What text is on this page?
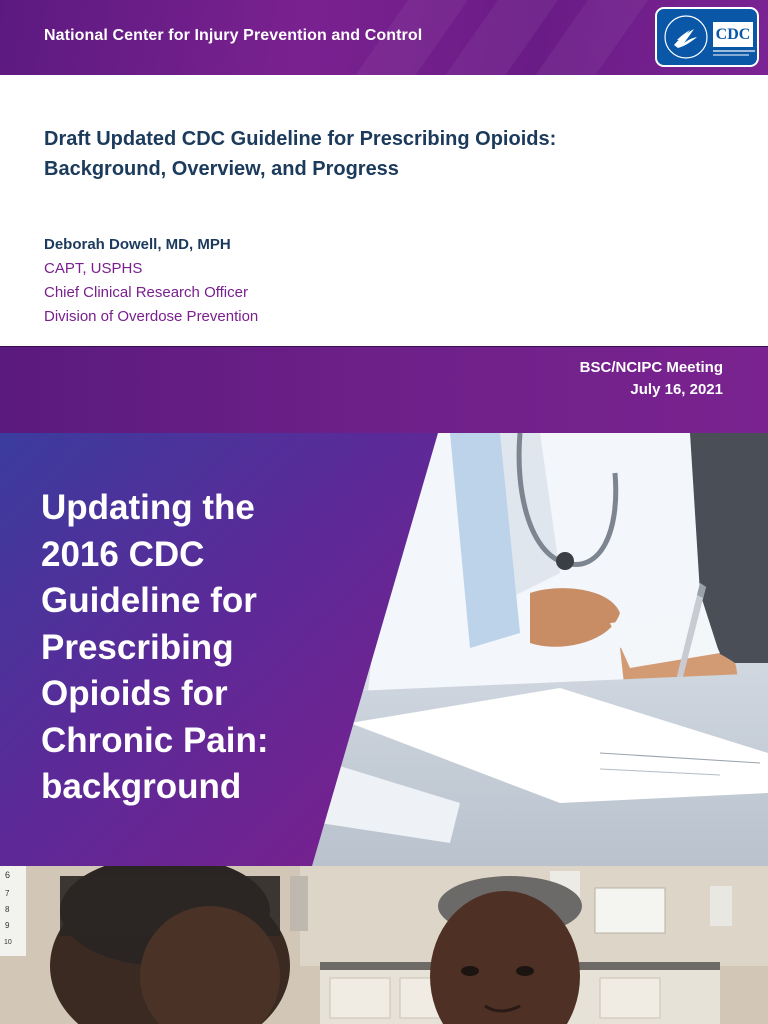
National Center for Injury Prevention and Control	CDC
Draft Updated CDC Guideline for Prescribing Opioids:
Background, Overview, and Progress
Deborah Dowell, MD, MPH
CAPT, USPHS
Chief Clinical Research Officer
Division of Overdose Prevention
BSC/NCIPC Meeting
July 16, 2021
Updating the
2016 CDC
Guideline for
Prescribing
Opioids for
Chronic Pain:
background
6
7
8
9
10
